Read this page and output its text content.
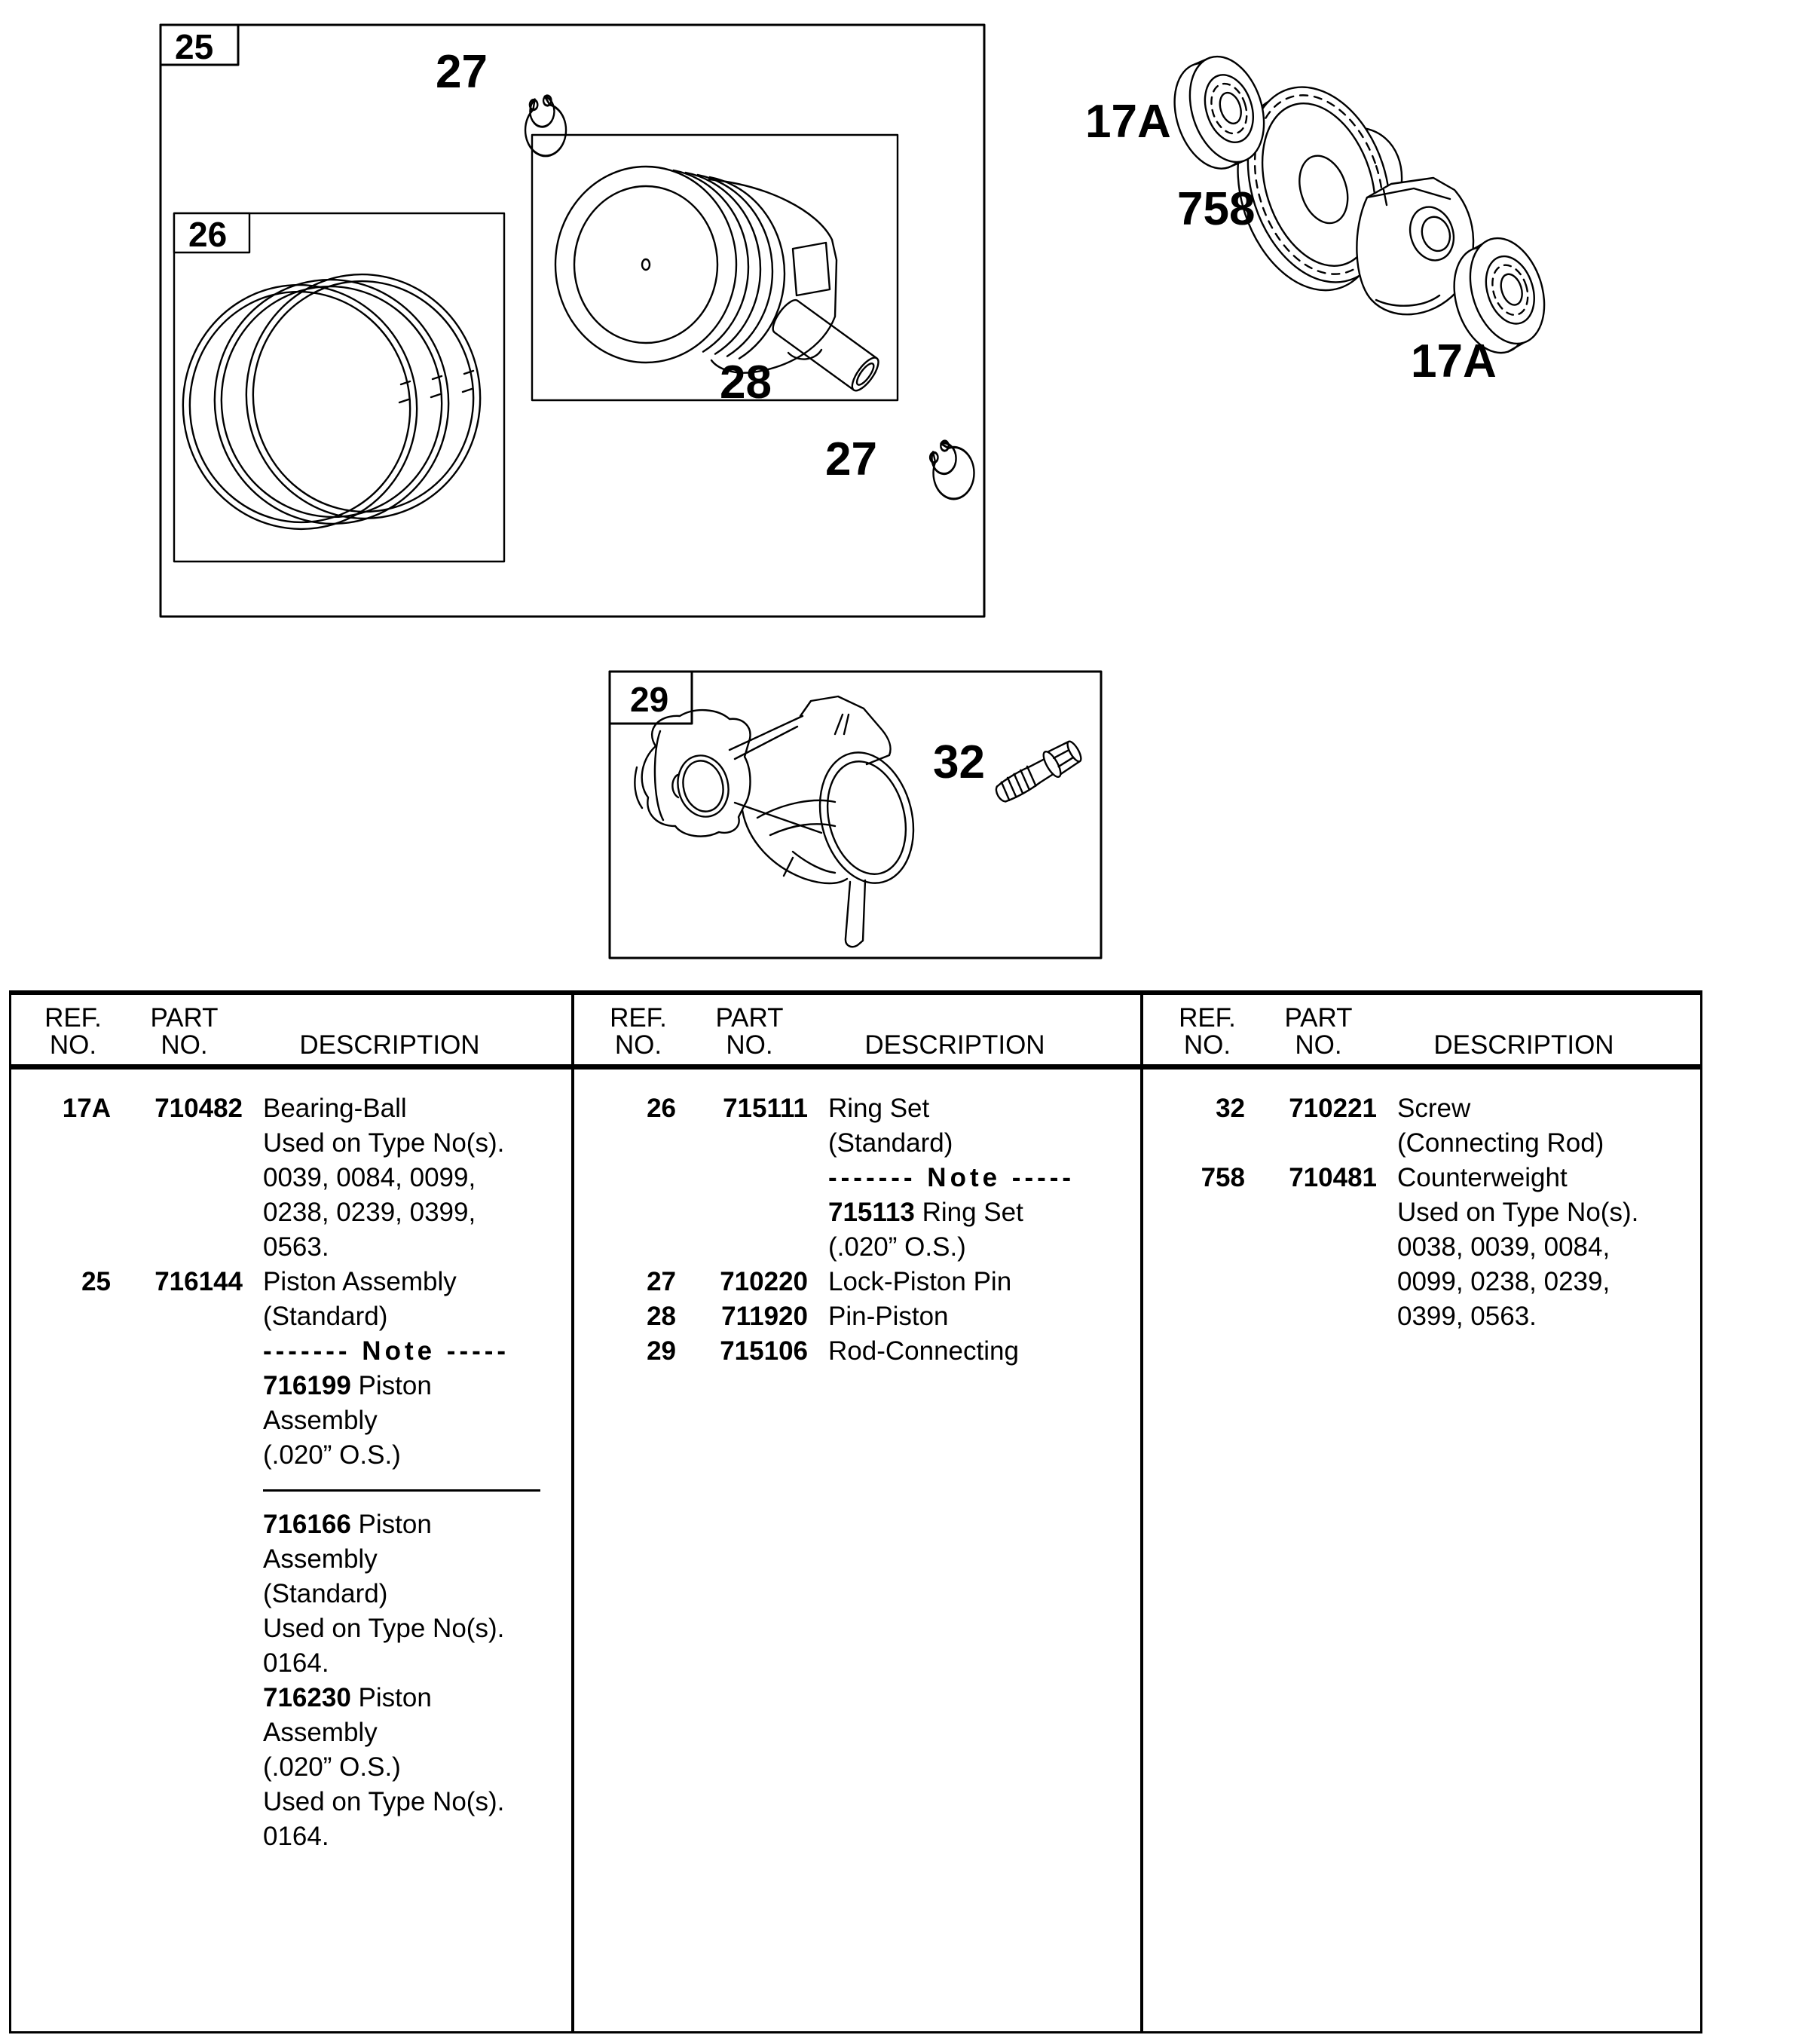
25	27
28
26
27
17A
758
17A
29
32
REF.	PART
NO.	NO.	DESCRIPTION
17A	710482 Bearing-Ball
Used on Type No(s).
0039, 0084, 0099,
0238, 0239, 0399,
0563.
25	716144 Piston Assembly
(Standard)
------- Note -----
716199 Piston
Assembly
(.020” O.S.)
716166 Piston
Assembly
(Standard)
Used on Type No(s).
0164.
716230 Piston
Assembly
(.020” O.S.)
Used on Type No(s).
0164.
REF.	PART
NO.	NO.	DESCRIPTION
26	715111 Ring Set
(Standard)
------- Note -----
715113 Ring Set
(.020” O.S.)
27	710220 Lock-Piston Pin
28	711920 Pin-Piston
29	715106 Rod-Connecting
REF.	PART
NO.	NO.	DESCRIPTION
32	710221 Screw
(Connecting Rod)
758	710481 Counterweight
Used on Type No(s).
0038, 0039, 0084,
0099, 0238, 0239,
0399, 0563.
